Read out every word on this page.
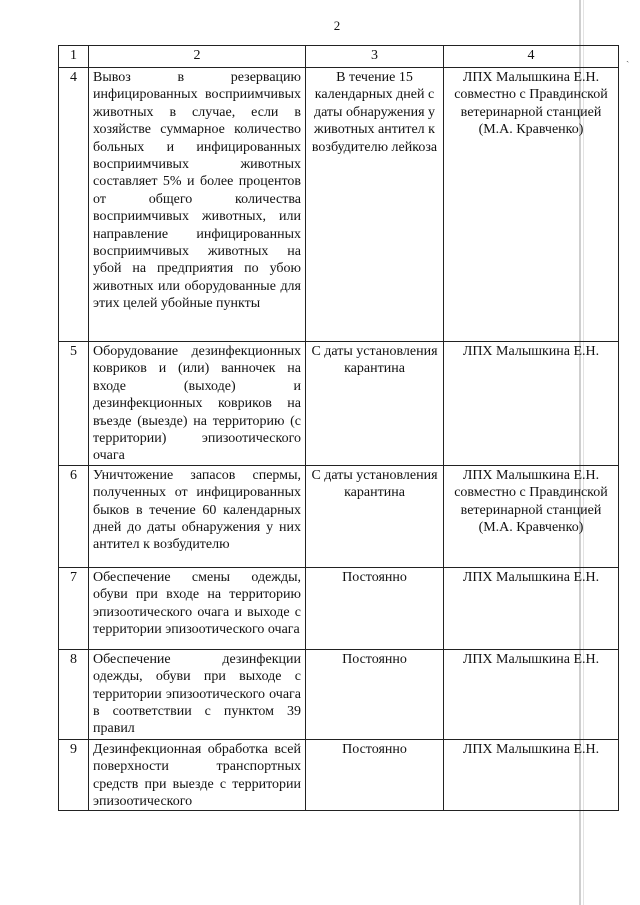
2
ˎ
1	2	3	4
4	Вывоз в резервацию инфицированных восприимчивых животных в случае, если в хозяйстве суммарное количество больных и инфицированных восприимчивых животных составляет 5% и более процентов от общего количества восприимчивых животных, или направление инфицированных восприимчивых животных на убой на предприятия по убою животных или оборудованные для этих целей убойные пункты	В течение 15 календарных дней с даты обнаружения у животных антител к возбудителю лейкоза	ЛПХ Малышкина Е.Н. совместно с Правдинской ветеринарной станцией (М.А. Кравченко)
5	Оборудование дезинфекционных ковриков и (или) ванночек на входе (выходе) и дезинфекционных ковриков на въезде (выезде) на территорию (с территории) эпизоотического очага	С даты установления карантина	ЛПХ Малышкина Е.Н.
6	Уничтожение запасов спермы, полученных от инфицированных быков в течение 60 календарных дней до даты обнаружения у них антител к возбудителю	С даты установления карантина	ЛПХ Малышкина Е.Н. совместно с Правдинской ветеринарной станцией (М.А. Кравченко)
7	Обеспечение смены одежды, обуви при входе на территорию эпизоотического очага и выходе с территории эпизоотического очага	Постоянно	ЛПХ Малышкина Е.Н.
8	Обеспечение дезинфекции одежды, обуви при выходе с территории эпизоотического очага в соответствии с пунктом 39 правил	Постоянно	ЛПХ Малышкина Е.Н.
9	Дезинфекционная обработка всей поверхности транспортных средств при выезде с территории эпизоотического	Постоянно	ЛПХ Малышкина Е.Н.
